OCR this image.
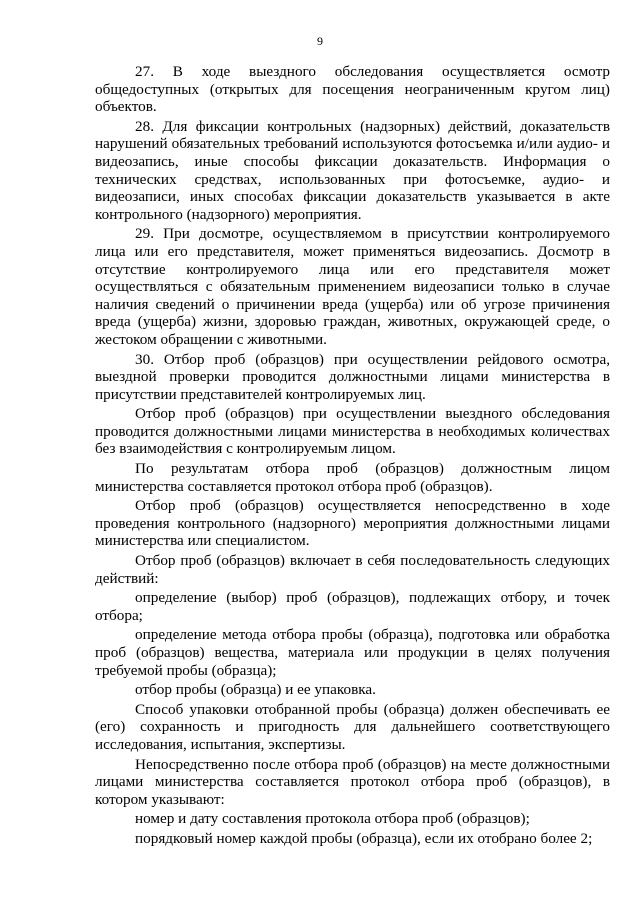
9

27. В ходе выездного обследования осуществляется осмотр общедоступных (открытых для посещения неограниченным кругом лиц) объектов.

28. Для фиксации контрольных (надзорных) действий, доказательств нарушений обязательных требований используются фотосъемка и/или аудио- и видеозапись, иные способы фиксации доказательств. Информация о технических средствах, использованных при фотосъемке, аудио- и видеозаписи, иных способах фиксации доказательств указывается в акте контрольного (надзорного) мероприятия.

29. При досмотре, осуществляемом в присутствии контролируемого лица или его представителя, может применяться видеозапись. Досмотр в отсутствие контролируемого лица или его представителя может осуществляться с обязательным применением видеозаписи только в случае наличия сведений о причинении вреда (ущерба) или об угрозе причинения вреда (ущерба) жизни, здоровью граждан, животных, окружающей среде, о жестоком обращении с животными.

30. Отбор проб (образцов) при осуществлении рейдового осмотра, выездной проверки проводится должностными лицами министерства в присутствии представителей контролируемых лиц.

Отбор проб (образцов) при осуществлении выездного обследования проводится должностными лицами министерства в необходимых количествах без взаимодействия с контролируемым лицом.

По результатам отбора проб (образцов) должностным лицом министерства составляется протокол отбора проб (образцов).

Отбор проб (образцов) осуществляется непосредственно в ходе проведения контрольного (надзорного) мероприятия должностными лицами министерства или специалистом.

Отбор проб (образцов) включает в себя последовательность следующих действий:

определение (выбор) проб (образцов), подлежащих отбору, и точек отбора;

определение метода отбора пробы (образца), подготовка или обработка проб (образцов) вещества, материала или продукции в целях получения требуемой пробы (образца);

отбор пробы (образца) и ее упаковка.

Способ упаковки отобранной пробы (образца) должен обеспечивать ее (его) сохранность и пригодность для дальнейшего соответствующего исследования, испытания, экспертизы.

Непосредственно после отбора проб (образцов) на месте должностными лицами министерства составляется протокол отбора проб (образцов), в котором указывают:

номер и дату составления протокола отбора проб (образцов);

порядковый номер каждой пробы (образца), если их отобрано более 2;
